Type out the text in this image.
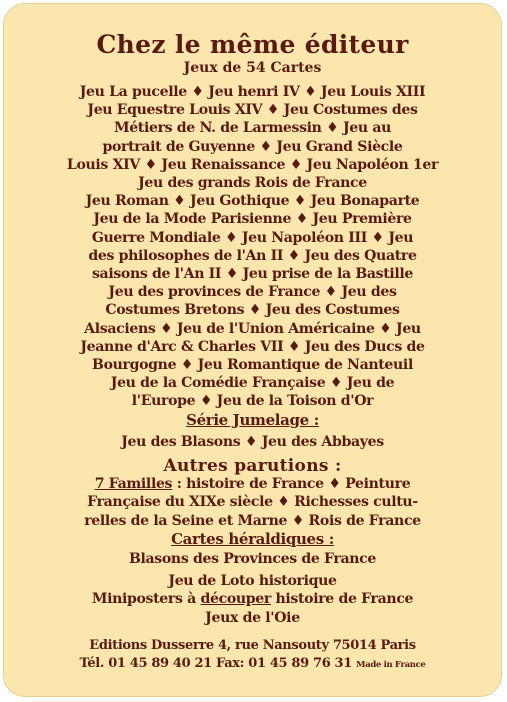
Chez le même éditeur
Jeux de 54 Cartes
Jeu La pucelle ♦ Jeu henri IV ♦ Jeu Louis XIII
Jeu Equestre Louis XIV ♦ Jeu Costumes des
Métiers de N. de Larmessin ♦ Jeu au
portrait de Guyenne ♦ Jeu Grand Siècle
Louis XIV ♦ Jeu Renaissance ♦ Jeu Napoléon 1er
Jeu des grands Rois de France
Jeu Roman ♦ Jeu Gothique ♦ Jeu Bonaparte
Jeu de la Mode Parisienne ♦ Jeu Première
Guerre Mondiale ♦ Jeu Napoléon III ♦ Jeu
des philosophes de l'An II ♦ Jeu des Quatre
saisons de l'An II ♦ Jeu prise de la Bastille
Jeu des provinces de France ♦ Jeu des
Costumes Bretons ♦ Jeu des Costumes
Alsaciens ♦ Jeu de l'Union Américaine ♦ Jeu
Jeanne d'Arc & Charles VII ♦ Jeu des Ducs de
Bourgogne ♦ Jeu Romantique de Nanteuil
Jeu de la Comédie Française ♦ Jeu de
l'Europe ♦ Jeu de la Toison d'Or
Série Jumelage :
Jeu des Blasons ♦ Jeu des Abbayes
Autres parutions :
7 Familles : histoire de France ♦ Peinture
Française du XIXe siècle ♦ Richesses cultu-
relles de la Seine et Marne ♦ Rois de France
Cartes héraldiques :
Blasons des Provinces de France
Jeu de Loto historique
Miniposters à découper histoire de France
Jeux de l'Oie
Editions Dusserre 4, rue Nansouty 75014 Paris
Tél. 01 45 89 40 21 Fax: 01 45 89 76 31 Made in France
